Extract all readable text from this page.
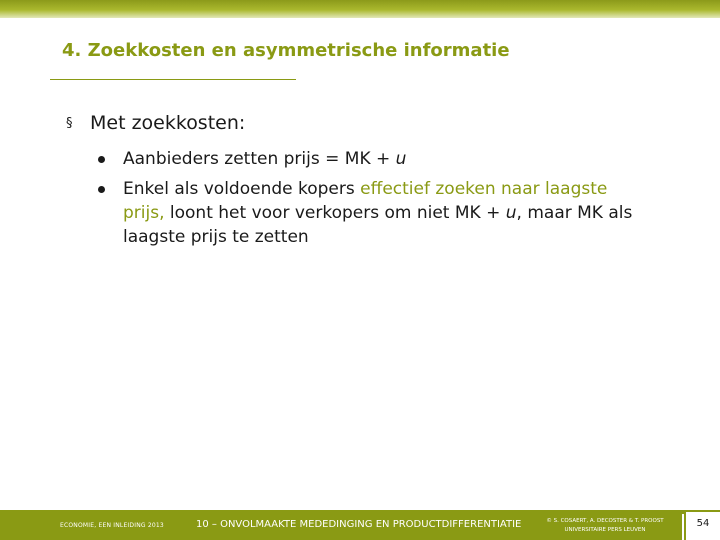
4. Zoekkosten en asymmetrische informatie
§ Met zoekkosten:
Aanbieders zetten prijs = MK + u
Enkel als voldoende kopers effectief zoeken naar laagste prijs, loont het voor verkopers om niet MK + u, maar MK als laagste prijs te zetten
ECONOMIE, EEN INLEIDING 2013	10 – ONVOLMAAKTE MEDEDINGING EN PRODUCTDIFFERENTIATIE	© S. COSAERT, A. DECOSTER & T. PROOST
UNIVERSITAIRE PERS LEUVEN
54
